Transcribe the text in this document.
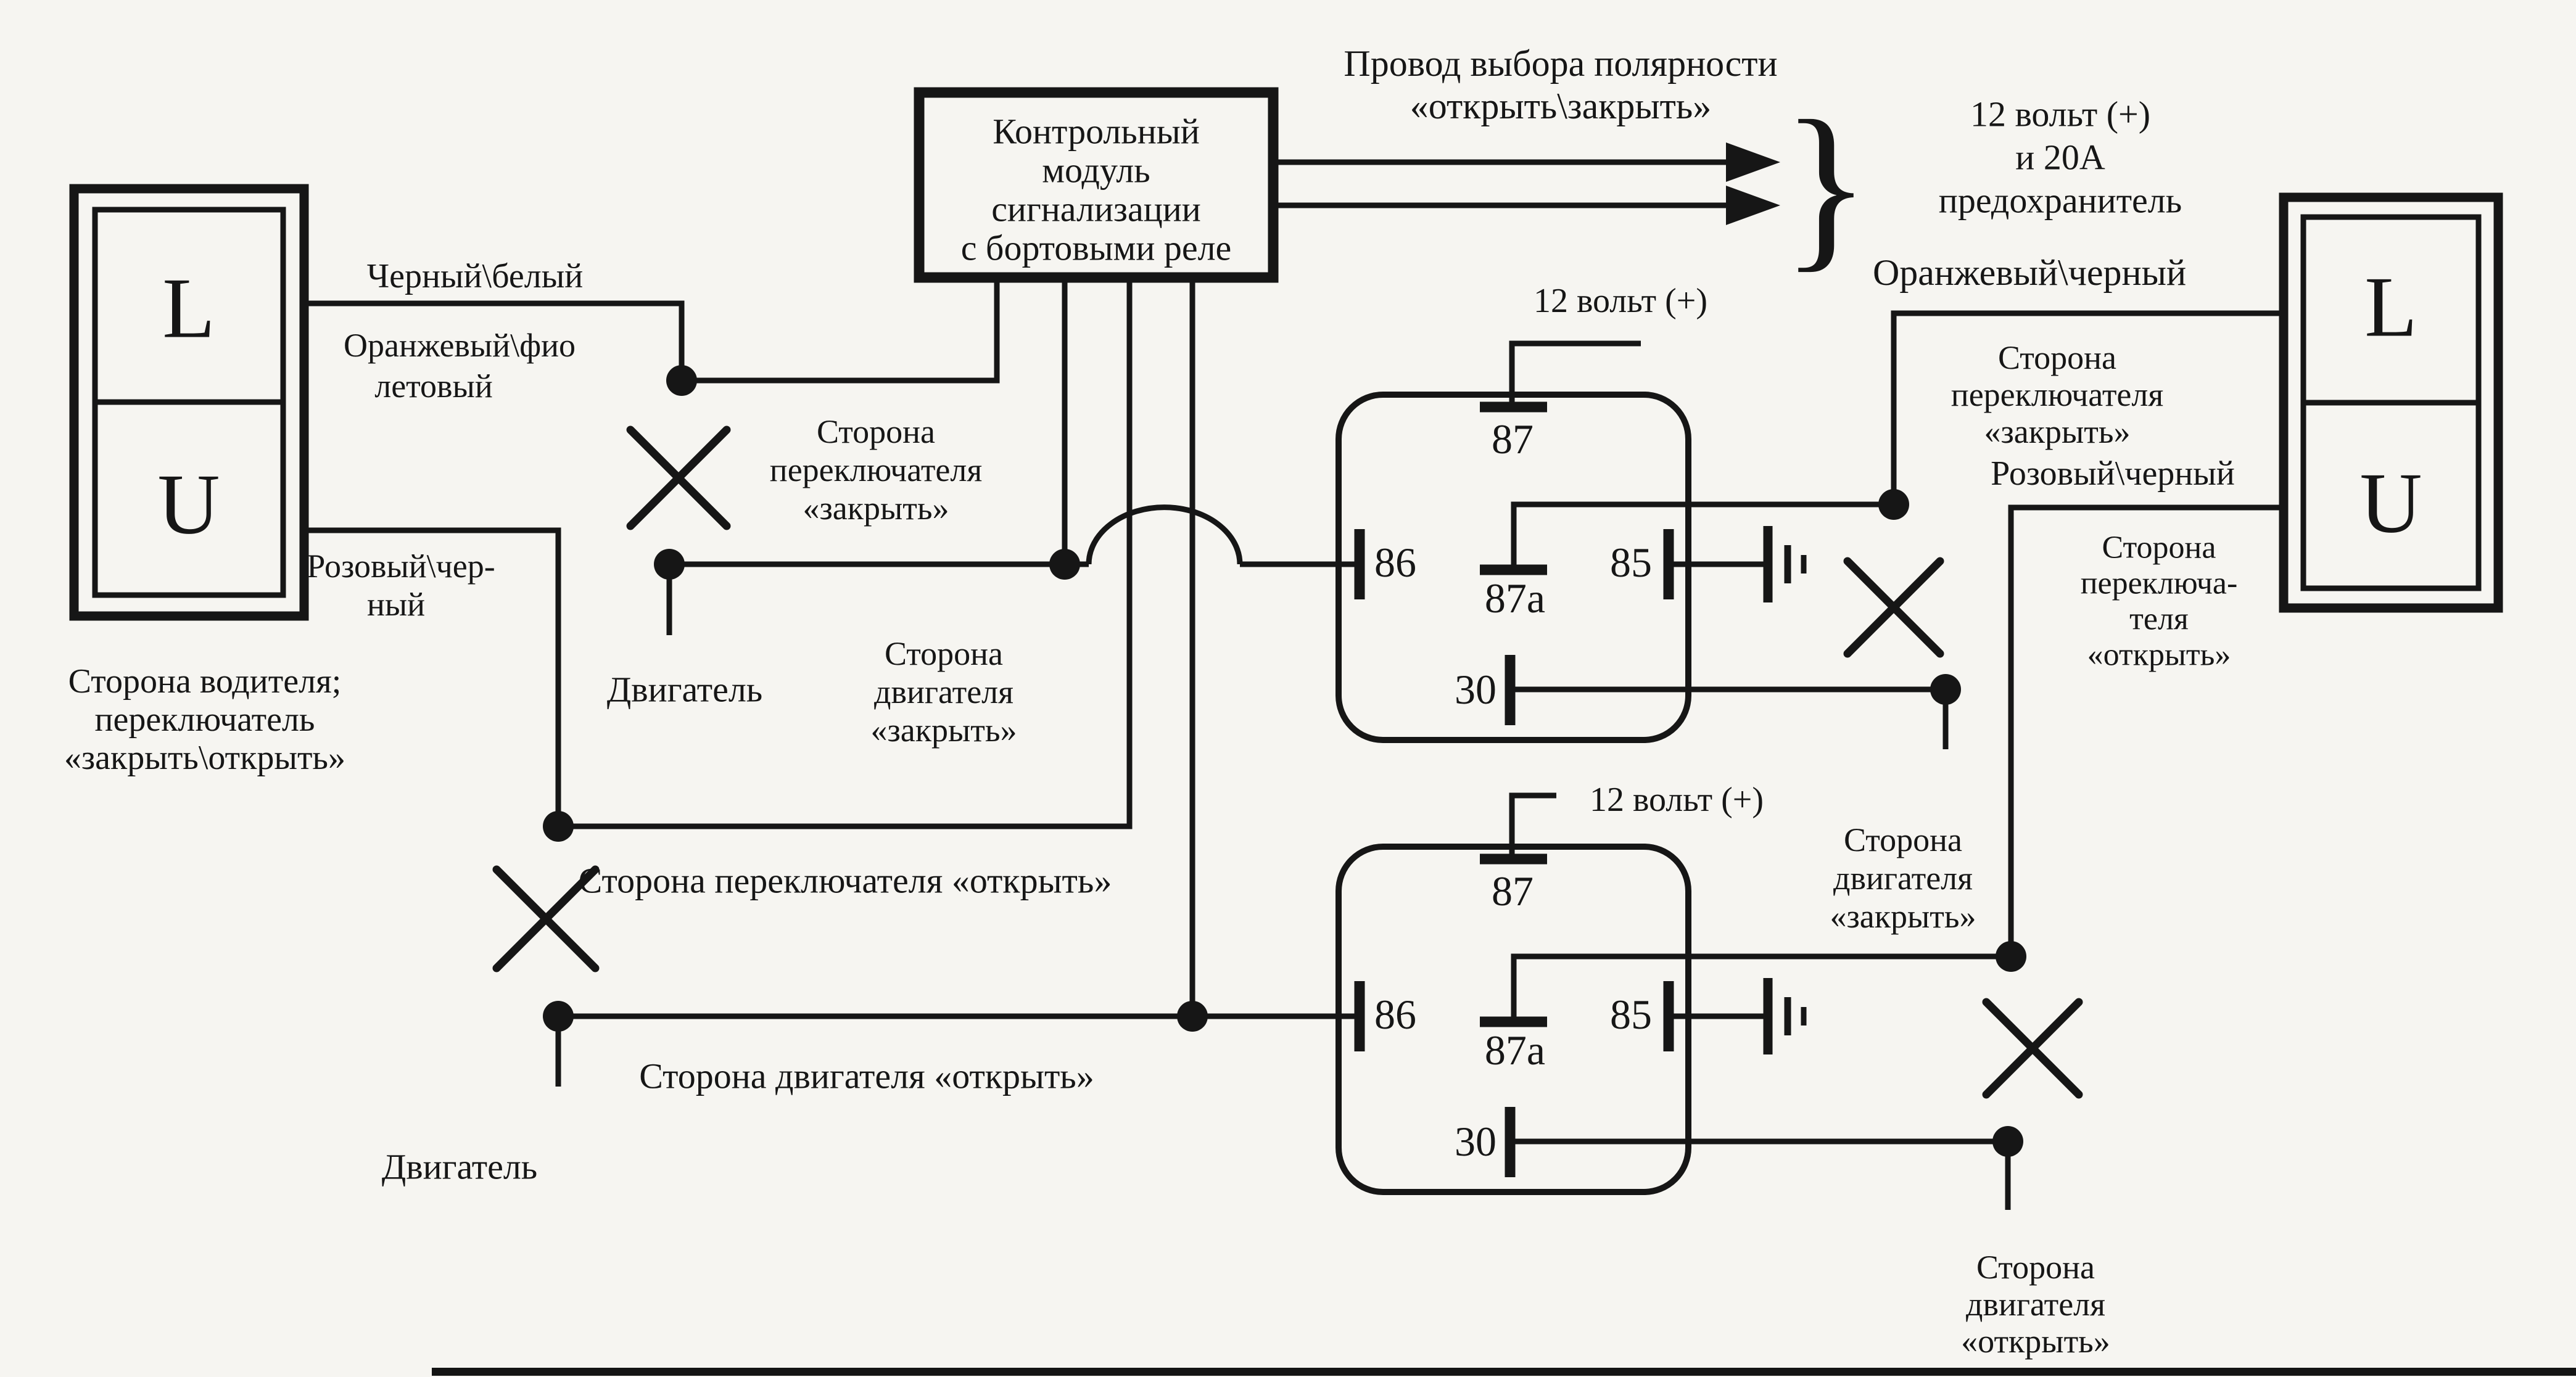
Контрольный
модуль
сигнализации
с бортовыми реле
L
U
L
U
Провод выбора полярности
«открыть\закрыть» }	12 вольт (+)
и 20А
предохранитель
Оранжевый\черный
Черный\белый
Оранжевый\фио
летовый
Розовый\чер-
ный
Сторона водителя;
переключатель
«закрыть\открыть»
Сторона
переключателя
«закрыть»
Двигатель
Сторона
двигателя
«закрыть»
Сторона переключателя «открыть»
Сторона двигателя «открыть»
Двигатель
12 вольт (+)
87
86
87a
85
30
12 вольт (+)
87
86
87a
85
30
Сторона
переключателя
«закрыть»
Розовый\черный
Сторона
переключа-
теля
«открыть»
Сторона
двигателя
«закрыть»
Сторона
двигателя
«открыть»
